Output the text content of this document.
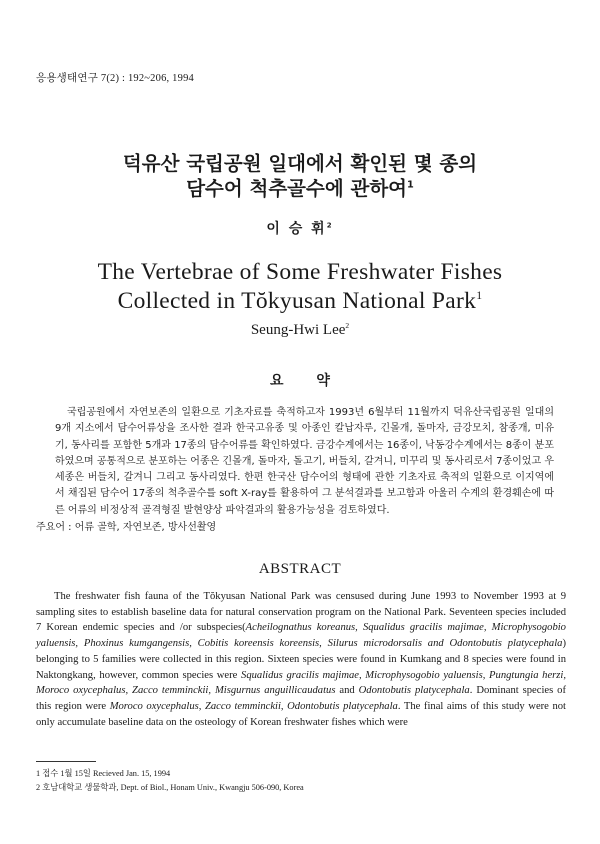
응용생태연구 7(2) : 192~206, 1994
덕유산 국립공원 일대에서 확인된 몇 종의
담수어 척추골수에 관하여$^1$
이 승 휘$^2$
The Vertebrae of Some Freshwater Fishes
Collected in Tŏkyusan National Park$^1$
Seung-Hwi Lee$^2$
요 약

국립공원에서 자연보존의 일환으로 기초자료를 축적하고자 1993년 6월부터 11월까지 덕유산국립공원 일대의 9개 지소에서 담수어류상을 조사한 결과 한국고유종 및 아종인 칼납자루, 긴몰개, 돌마자, 금강모치, 참종개, 미유기, 동사리를 포함한 5개과 17종의 담수어류를 확인하였다. 금강수계에서는 16종이, 낙동강수계에서는 8종이 분포하였으며 공통적으로 분포하는 어종은 긴몰개, 돌마자, 돌고기, 버들치, 갈겨니, 미꾸리 및 동사리로서 7종이었고 우세종은 버들치, 갈겨니 그리고 동사리였다. 한편 한국산 담수어의 형태에 관한 기초자료 축적의 일환으로 이지역에서 채집된 담수어 17종의 척추골수를 soft X-ray를 활용하여 그 분석결과를 보고함과 아울러 수계의 환경훼손에 따른 어류의 비정상적 골격형질 발현양상 파악결과의 활용가능성을 검토하였다.

주요어 : 어류 골학, 자연보존, 방사선촬영
ABSTRACT

The freshwater fish fauna of the Tŏkyusan National Park was censused during June 1993 to November 1993 at 9 sampling sites to establish baseline data for natural conservation program on the National Park. Seventeen species included 7 Korean endemic species and /or subspecies(Acheilognathus koreanus, Squalidus gracilis majimae, Microphysogobio yaluensis, Phoxinus kumgangensis, Cobitis koreensis koreensis, Silurus microdorsalis and Odontobutis platycephala) belonging to 5 families were collected in this region. Sixteen species were found in Kumkang and 8 species were found in Naktongkang, however, common species were Squalidus gracilis majimae, Microphysogobio yaluensis, Pungtungia herzi, Moroco oxycephalus, Zacco temminckii, Misgurnus anguillicaudatus and Odontobutis platycephala. Dominant species of this region were Moroco oxycephalus, Zacco temminckii, Odontobutis platycephala. The final aims of this study were not only accumulate baseline data on the osteology of Korean freshwater fishes which were

1 접수 1월 15일 Recieved Jan. 15, 1994
2 호남대학교 생물학과, Dept. of Biol., Honam Univ., Kwangju 506-090, Korea
